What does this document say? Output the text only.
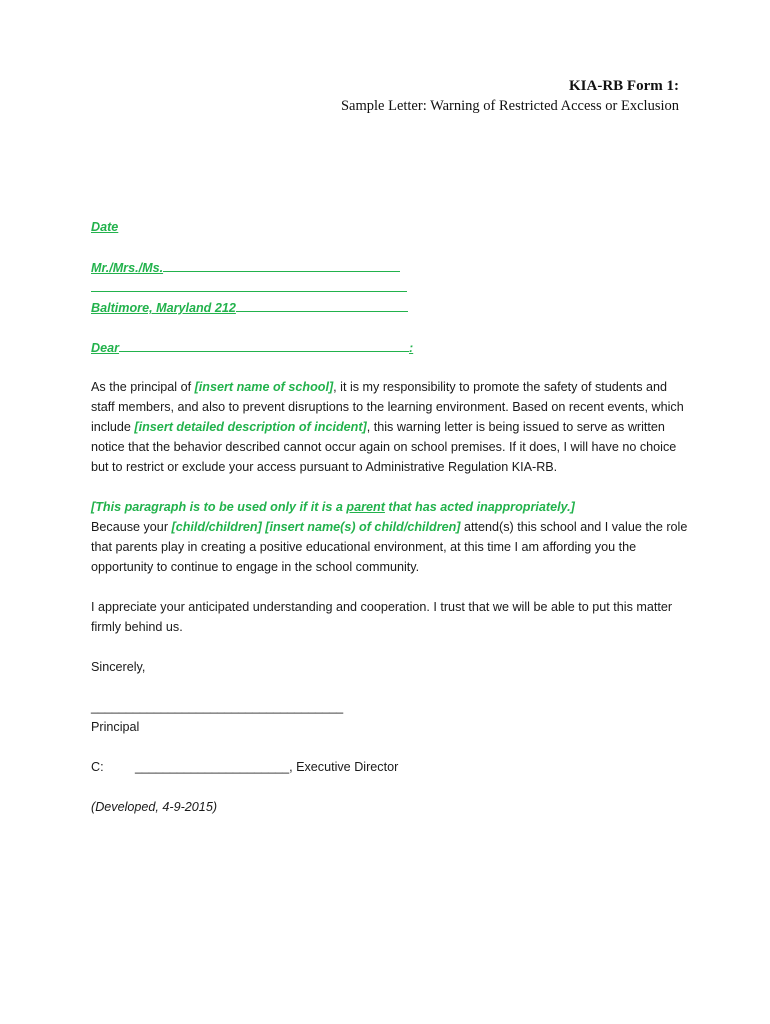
KIA-RB Form 1:
Sample Letter: Warning of Restricted Access or Exclusion
Date
Mr./Mrs./Ms.
Baltimore, Maryland 212
Dear	:
As the principal of [insert name of school], it is my responsibility to promote the safety of students and staff members, and also to prevent disruptions to the learning environment. Based on recent events, which include [insert detailed description of incident], this warning letter is being issued to serve as written notice that the behavior described cannot occur again on school premises. If it does, I will have no choice but to restrict or exclude your access pursuant to Administrative Regulation KIA-RB.
[This paragraph is to be used only if it is a parent that has acted inappropriately.]
Because your [child/children] [insert name(s) of child/children] attend(s) this school and I value the role that parents play in creating a positive educational environment, at this time I am affording you the opportunity to continue to engage in the school community.
I appreciate your anticipated understanding and cooperation. I trust that we will be able to put this matter firmly behind us.
Sincerely,
____________________________________
Principal
C: ______________________, Executive Director
(Developed, 4-9-2015)
